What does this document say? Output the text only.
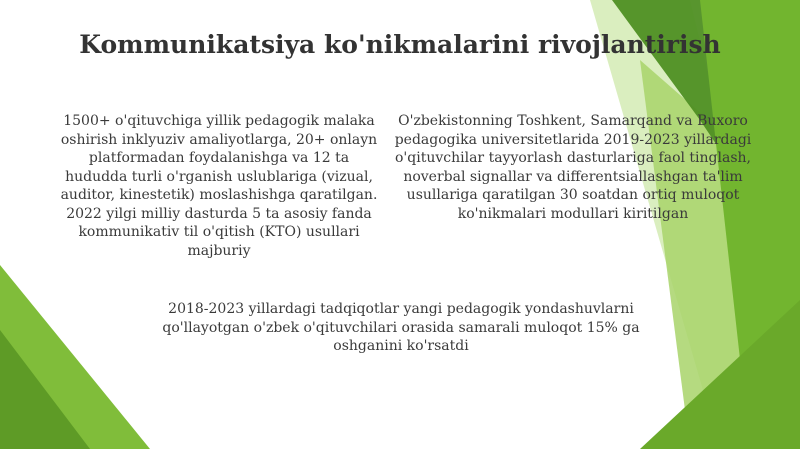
Kommunikatsiya ko'nikmalarini rivojlantirish
1500+ o'qituvchiga yillik pedagogik malaka oshirish inklyuziv amaliyotlarga, 20+ onlayn platformadan foydalanishga va 12 ta hududda turli o'rganish uslublariga (vizual, auditor, kinestetik) moslashishga qaratilgan. 2022 yilgi milliy dasturda 5 ta asosiy fanda kommunikativ til o'qitish (KTO) usullari majburiy
O'zbekistonning Toshkent, Samarqand va Buxoro pedagogika universitetlarida 2019-2023 yillardagi o'qituvchilar tayyorlash dasturlariga faol tinglash, noverbal signallar va differentsiallashgan ta'lim usullariga qaratilgan 30 soatdan ortiq muloqot ko'nikmalari modullari kiritilgan
2018-2023 yillardagi tadqiqotlar yangi pedagogik yondashuvlarni qo'llayotgan o'zbek o'qituvchilari orasida samarali muloqot 15% ga oshganini ko'rsatdi
